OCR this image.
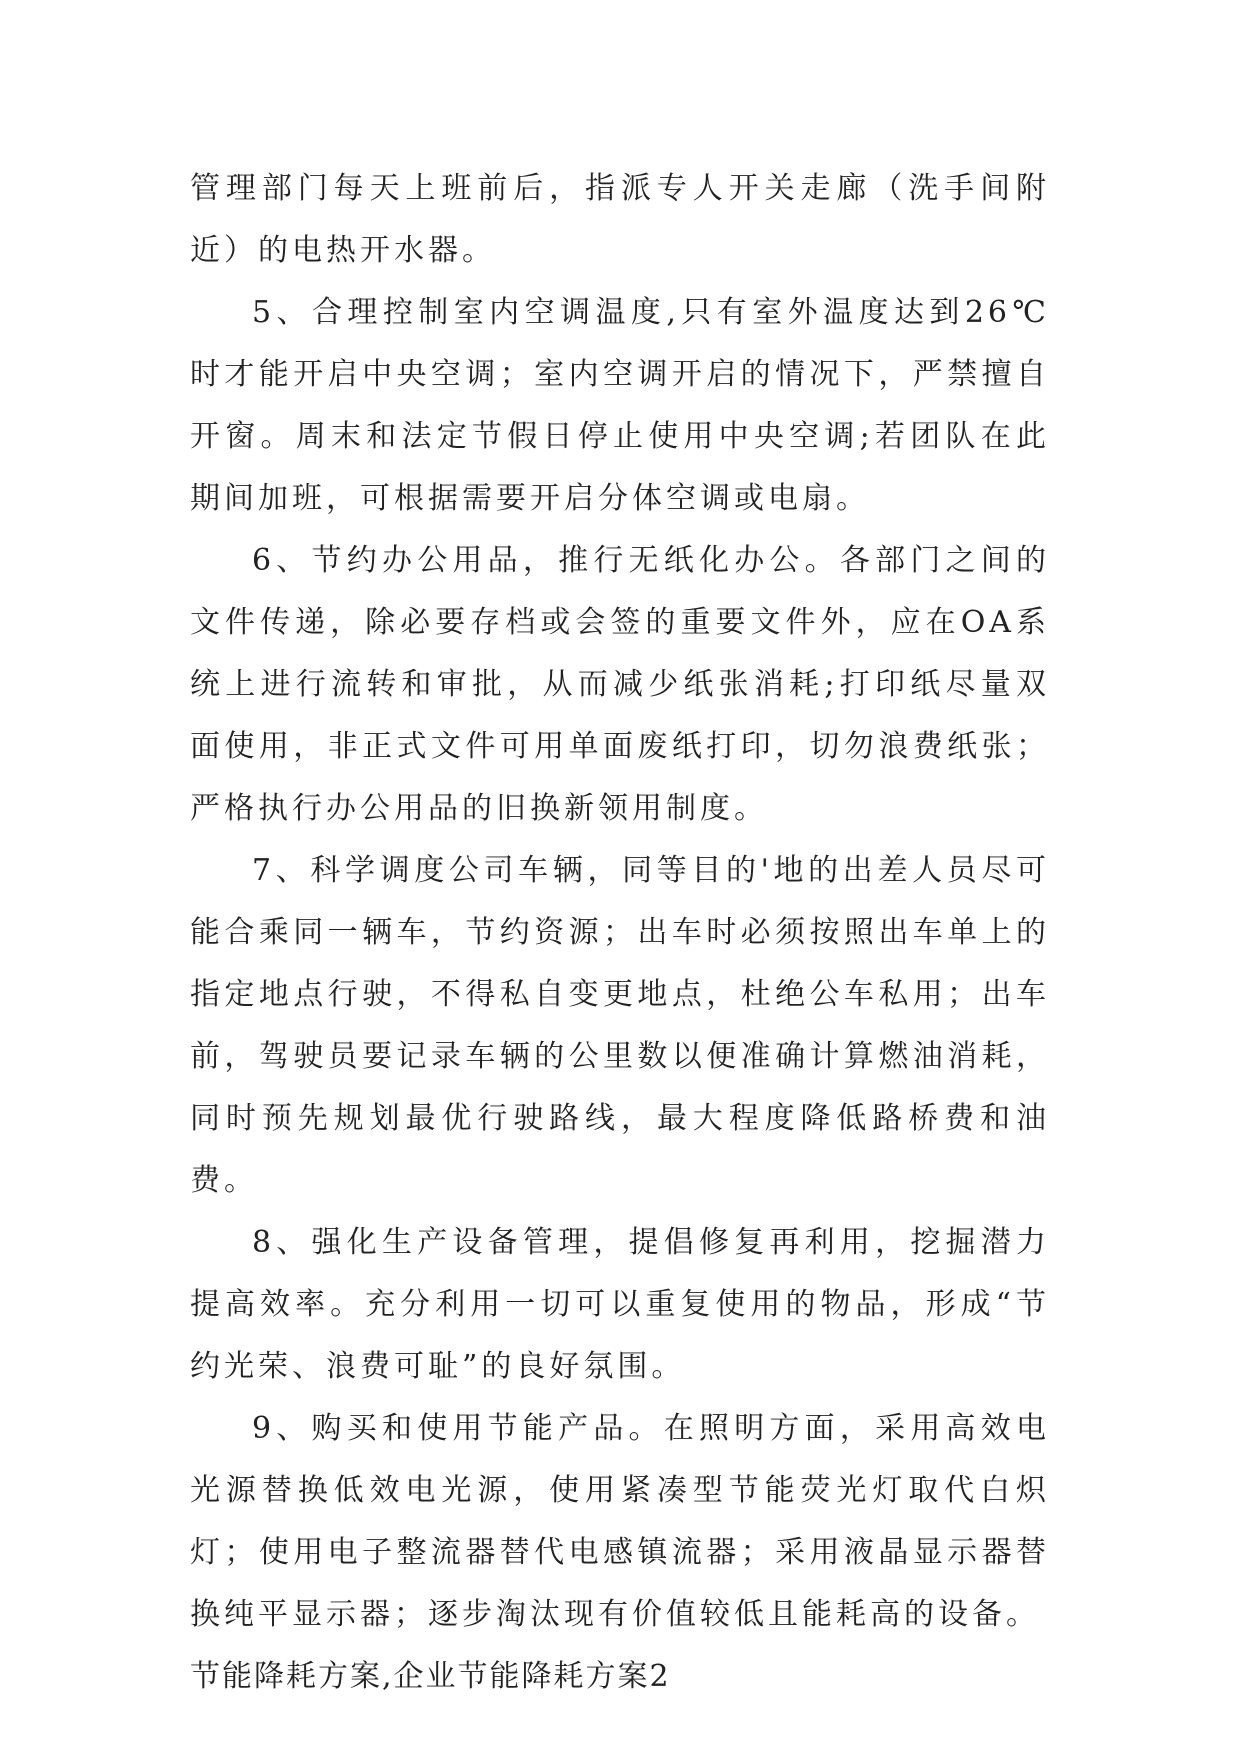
管理部门每天上班前后，指派专人开关走廊（洗手间附近）的电热开水器。

5、合理控制室内空调温度,只有室外温度达到26℃时才能开启中央空调；室内空调开启的情况下，严禁擅自开窗。周末和法定节假日停止使用中央空调;若团队在此期间加班，可根据需要开启分体空调或电扇。

6、节约办公用品，推行无纸化办公。各部门之间的文件传递，除必要存档或会签的重要文件外，应在OA系统上进行流转和审批，从而减少纸张消耗;打印纸尽量双面使用，非正式文件可用单面废纸打印，切勿浪费纸张；严格执行办公用品的旧换新领用制度。

7、科学调度公司车辆，同等目的'地的出差人员尽可能合乘同一辆车，节约资源；出车时必须按照出车单上的指定地点行驶，不得私自变更地点，杜绝公车私用；出车前，驾驶员要记录车辆的公里数以便准确计算燃油消耗，同时预先规划最优行驶路线，最大程度降低路桥费和油费。

8、强化生产设备管理，提倡修复再利用，挖掘潜力提高效率。充分利用一切可以重复使用的物品，形成“节约光荣、浪费可耻”的良好氛围。

9、购买和使用节能产品。在照明方面，采用高效电光源替换低效电光源，使用紧凑型节能荧光灯取代白炽灯；使用电子整流器替代电感镇流器；采用液晶显示器替换纯平显示器；逐步淘汰现有价值较低且能耗高的设备。

节能降耗方案,企业节能降耗方案2
